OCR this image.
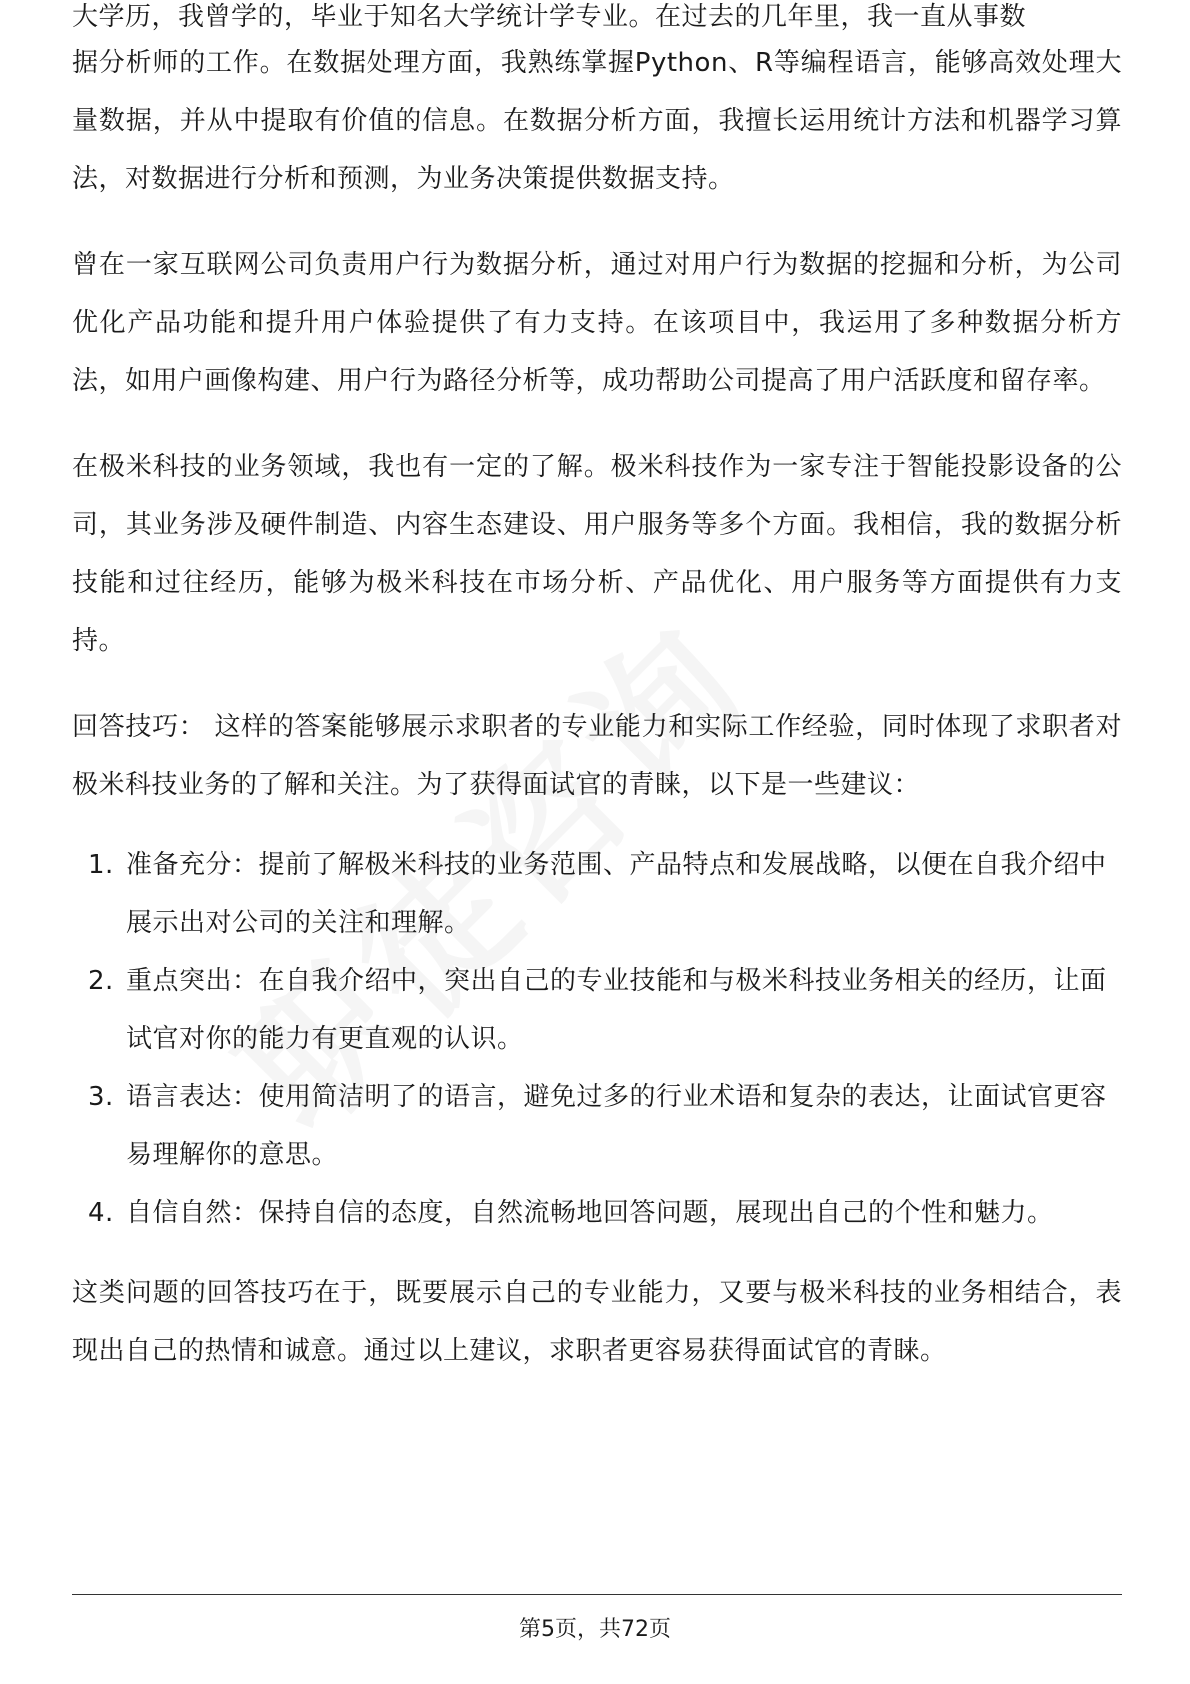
大学历，我曾学的，毕业于知名大学统计学专业。在过去的几年里，我一直从事数

据分析师的工作。在数据处理方面，我熟练掌握Python、R等编程语言，能够高效处理大量数据，并从中提取有价值的信息。在数据分析方面，我擅长运用统计方法和机器学习算法，对数据进行分析和预测，为业务决策提供数据支持。

曾在一家互联网公司负责用户行为数据分析，通过对用户行为数据的挖掘和分析，为公司优化产品功能和提升用户体验提供了有力支持。在该项目中，我运用了多种数据分析方法，如用户画像构建、用户行为路径分析等，成功帮助公司提高了用户活跃度和留存率。

在极米科技的业务领域，我也有一定的了解。极米科技作为一家专注于智能投影设备的公司，其业务涉及硬件制造、内容生态建设、用户服务等多个方面。我相信，我的数据分析技能和过往经历，能够为极米科技在市场分析、产品优化、用户服务等方面提供有力支持。

回答技巧： 这样的答案能够展示求职者的专业能力和实际工作经验，同时体现了求职者对极米科技业务的了解和关注。为了获得面试官的青睐，以下是一些建议：

1. 准备充分：提前了解极米科技的业务范围、产品特点和发展战略，以便在自我介绍中展示出对公司的关注和理解。
2. 重点突出：在自我介绍中，突出自己的专业技能和与极米科技业务相关的经历，让面试官对你的能力有更直观的认识。
3. 语言表达：使用简洁明了的语言，避免过多的行业术语和复杂的表达，让面试官更容易理解你的意思。
4. 自信自然：保持自信的态度，自然流畅地回答问题，展现出自己的个性和魅力。

这类问题的回答技巧在于，既要展示自己的专业能力，又要与极米科技的业务相结合，表现出自己的热情和诚意。通过以上建议，求职者更容易获得面试官的青睐。

第5页，共72页
